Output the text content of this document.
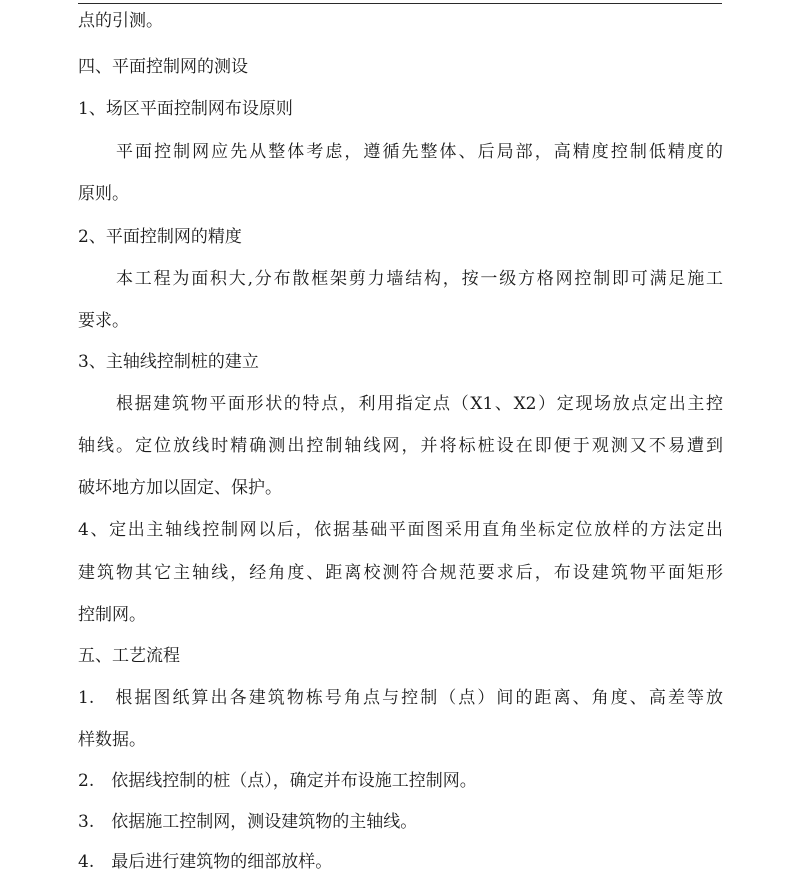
点的引测。
四、平面控制网的测设
1、场区平面控制网布设原则
平面控制网应先从整体考虑，遵循先整体、后局部，高精度控制低精度的
原则。
2、平面控制网的精度
本工程为面积大,分布散框架剪力墙结构，按一级方格网控制即可满足施工
要求。
3、主轴线控制桩的建立
根据建筑物平面形状的特点，利用指定点（X1、X2）定现场放点定出主控
轴线。定位放线时精确测出控制轴线网，并将标桩设在即便于观测又不易遭到
破坏地方加以固定、保护。
4、定出主轴线控制网以后，依据基础平面图采用直角坐标定位放样的方法定出
建筑物其它主轴线，经角度、距离校测符合规范要求后，布设建筑物平面矩形
控制网。
五、工艺流程
1.　根据图纸算出各建筑物栋号角点与控制（点）间的距离、角度、高差等放
样数据。
2.　依据线控制的桩（点），确定并布设施工控制网。
3.　依据施工控制网，测设建筑物的主轴线。
4.　最后进行建筑物的细部放样。
